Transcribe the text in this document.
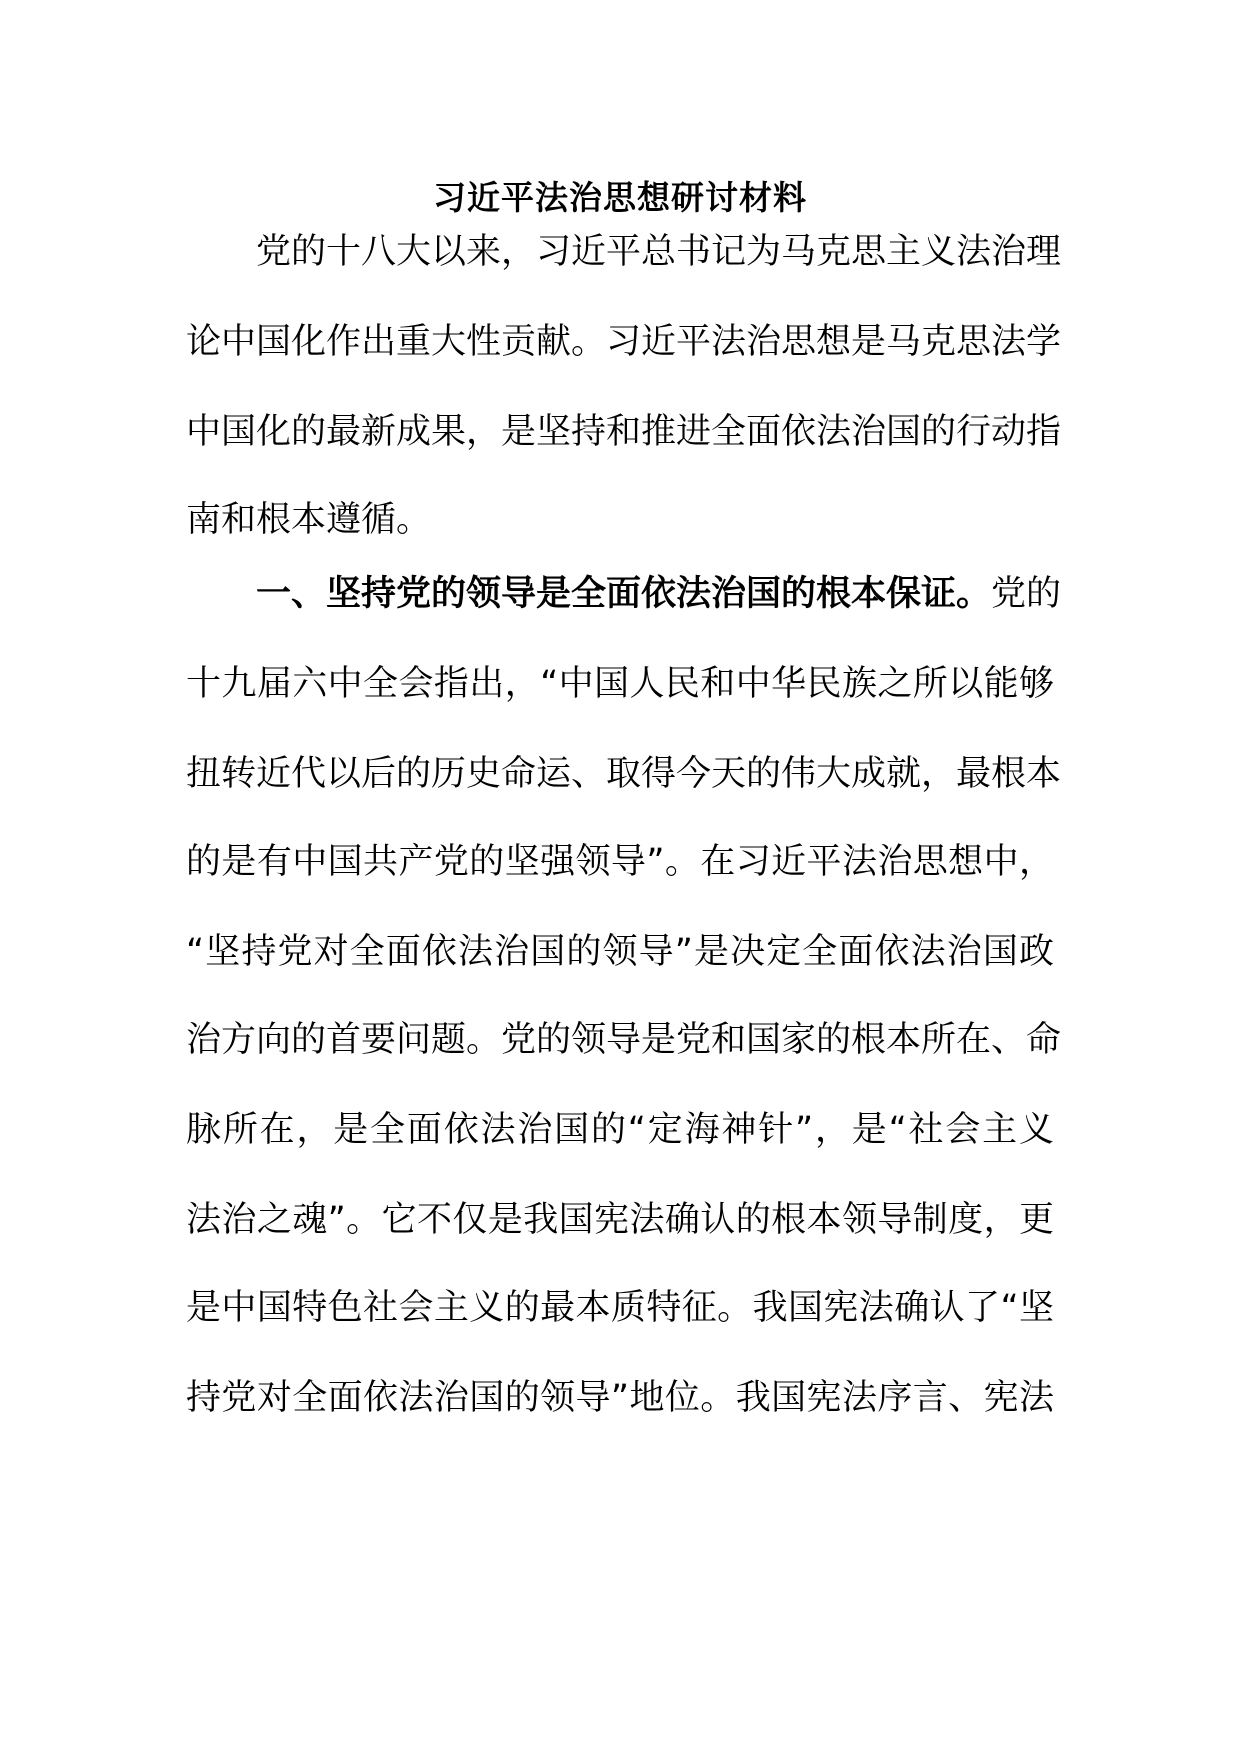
习近平法治思想研讨材料
党的十八大以来，习近平总书记为马克思主义法治理
论中国化作出重大性贡献。习近平法治思想是马克思法学
中国化的最新成果，是坚持和推进全面依法治国的行动指
南和根本遵循。
一、坚持党的领导是全面依法治国的根本保证。党的
十九届六中全会指出，“中国人民和中华民族之所以能够
扭转近代以后的历史命运、取得今天的伟大成就，最根本
的是有中国共产党的坚强领导”。在习近平法治思想中，
“坚持党对全面依法治国的领导”是决定全面依法治国政
治方向的首要问题。党的领导是党和国家的根本所在、命
脉所在，是全面依法治国的“定海神针”，是“社会主义
法治之魂”。它不仅是我国宪法确认的根本领导制度，更
是中国特色社会主义的最本质特征。我国宪法确认了“坚
持党对全面依法治国的领导”地位。我国宪法序言、宪法
